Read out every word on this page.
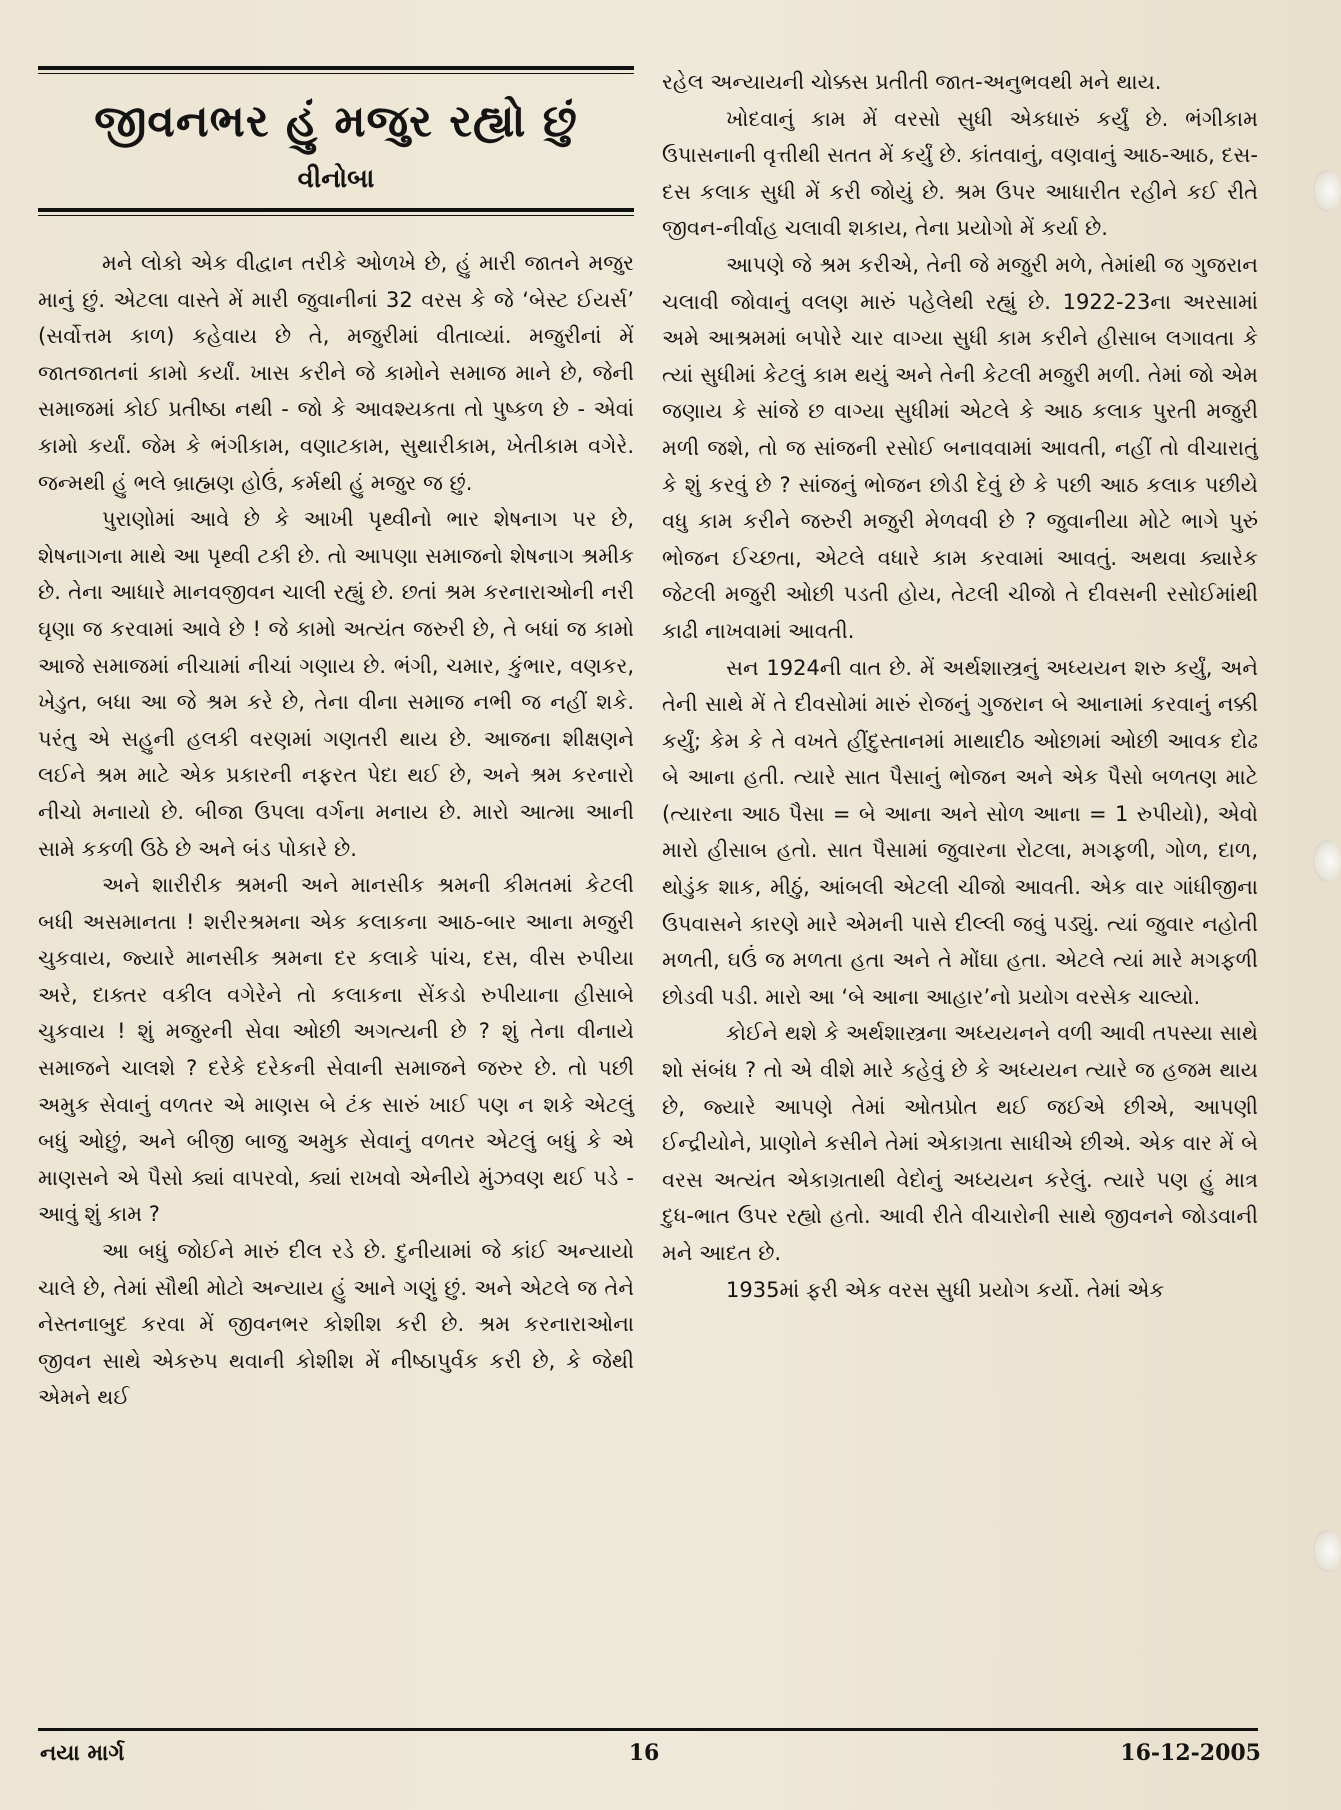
જીવનભર હું મજુર રહ્યો છું
વીનોબા

મને લોકો એક વીદ્વાન તરીકે ઓળખે છે, હું મારી જાતને મજુર માનું છું. એટલા વાસ્તે મેં મારી જુવાનીનાં 32 વરસ કે જે ‘બેસ્ટ ઈયર્સ’ (સર્વોત્તમ કાળ) કહેવાય છે તે, મજુરીમાં વીતાવ્યાં. મજુરીનાં મેં જાતજાતનાં કામો કર્યાં. ખાસ કરીને જે કામોને સમાજ માને છે, જેની સમાજમાં કોઈ પ્રતીષ્ઠા નથી - જો કે આવશ્યકતા તો પુષ્કળ છે - એવાં કામો કર્યાં. જેમ કે ભંગીકામ, વણાટકામ, સુથારીકામ, ખેતીકામ વગેરે. જન્મથી હું ભલે બ્રાહ્મણ હોઉં, કર્મથી હું મજુર જ છું.

પુરાણોમાં આવે છે કે આખી પૃથ્વીનો ભાર શેષનાગ પર છે, શેષનાગના માથે આ પૃથ્વી ટકી છે. તો આપણા સમાજનો શેષનાગ શ્રમીક છે. તેના આધારે માનવજીવન ચાલી રહ્યું છે. છતાં શ્રમ કરનારાઓની નરી ઘૃણા જ કરવામાં આવે છે ! જે કામો અત્યંત જરુરી છે, તે બધાં જ કામો આજે સમાજમાં નીચામાં નીચાં ગણાય છે. ભંગી, ચમાર, કુંભાર, વણકર, ખેડુત, બધા આ જે શ્રમ કરે છે, તેના વીના સમાજ નભી જ નહીં શકે. પરંતુ એ સહુની હલકી વરણમાં ગણતરી થાય છે. આજના શીક્ષણને લઈને શ્રમ માટે એક પ્રકારની નફરત પેદા થઈ છે, અને શ્રમ કરનારો નીચો મનાયો છે. બીજા ઉપલા વર્ગના મનાય છે. મારો આત્મા આની સામે કકળી ઉઠે છે અને બંડ પોકારે છે.

અને શારીરીક શ્રમની અને માનસીક શ્રમની કીમતમાં કેટલી બધી અસમાનતા ! શરીરશ્રમના એક કલાકના આઠ-બાર આના મજુરી ચુકવાય, જ્યારે માનસીક શ્રમના દર કલાકે પાંચ, દસ, વીસ રુપીયા અરે, દાક્તર વકીલ વગેરેને તો કલાકના સેંકડો રુપીયાના હીસાબે ચુકવાય ! શું મજુરની સેવા ઓછી અગત્યની છે ? શું તેના વીનાયે સમાજને ચાલશે ? દરેકે દરેકની સેવાની સમાજને જરુર છે. તો પછી અમુક સેવાનું વળતર એ માણસ બે ટંક સારું ખાઈ પણ ન શકે એટલું બધું ઓછું, અને બીજી બાજુ અમુક સેવાનું વળતર એટલું બધું કે એ માણસને એ પૈસો ક્યાં વાપરવો, ક્યાં રાખવો એનીયે મુંઝવણ થઈ પડે - આવું શું કામ ?

આ બધું જોઈને મારું દીલ રડે છે. દુનીયામાં જે કાંઈ અન્યાયો ચાલે છે, તેમાં સૌથી મોટો અન્યાય હું આને ગણું છું. અને એટલે જ તેને નેસ્તનાબુદ કરવા મેં જીવનભર કોશીશ કરી છે. શ્રમ કરનારાઓના જીવન સાથે એકરુપ થવાની કોશીશ મેં નીષ્ઠાપુર્વક કરી છે, કે જેથી એમને થઈ

રહેલ અન્યાયની ચોક્કસ પ્રતીતી જાત-અનુભવથી મને થાય.

ખોદવાનું કામ મેં વરસો સુધી એકધારું કર્યું છે. ભંગીકામ ઉપાસનાની વૃત્તીથી સતત મેં કર્યું છે. કાંતવાનું, વણવાનું આઠ-આઠ, દસ-દસ કલાક સુધી મેં કરી જોયું છે. શ્રમ ઉપર આધારીત રહીને કઈ રીતે જીવન-નીર્વાહ ચલાવી શકાય, તેના પ્રયોગો મેં કર્યા છે.

આપણે જે શ્રમ કરીએ, તેની જે મજુરી મળે, તેમાંથી જ ગુજરાન ચલાવી જોવાનું વલણ મારું પહેલેથી રહ્યું છે. 1922-23ના અરસામાં અમે આશ્રમમાં બપોરે ચાર વાગ્યા સુધી કામ કરીને હીસાબ લગાવતા કે ત્યાં સુધીમાં કેટલું કામ થયું અને તેની કેટલી મજુરી મળી. તેમાં જો એમ જણાય કે સાંજે છ વાગ્યા સુધીમાં એટલે કે આઠ કલાક પુરતી મજુરી મળી જશે, તો જ સાંજની રસોઈ બનાવવામાં આવતી, નહીં તો વીચારાતું કે શું કરવું છે ? સાંજનું ભોજન છોડી દેવું છે કે પછી આઠ કલાક પછીયે વધુ કામ કરીને જરુરી મજુરી મેળવવી છે ? જુવાનીયા મોટે ભાગે પુરું ભોજન ઈચ્છતા, એટલે વધારે કામ કરવામાં આવતું. અથવા ક્યારેક જેટલી મજુરી ઓછી પડતી હોય, તેટલી ચીજો તે દીવસની રસોઈમાંથી કાઢી નાખવામાં આવતી.

સન 1924ની વાત છે. મેં અર્થશાસ્ત્રનું અધ્યયન શરુ કર્યું, અને તેની સાથે મેં તે દીવસોમાં મારું રોજનું ગુજરાન બે આનામાં કરવાનું નક્કી કર્યું; કેમ કે તે વખતે હીંદુસ્તાનમાં માથાદીઠ ઓછામાં ઓછી આવક દોઢ બે આના હતી. ત્યારે સાત પૈસાનું ભોજન અને એક પૈસો બળતણ માટે (ત્યારના આઠ પૈસા = બે આના અને સોળ આના = 1 રુપીયો), એવો મારો હીસાબ હતો. સાત પૈસામાં જુવારના રોટલા, મગફળી, ગોળ, દાળ, થોડુંક શાક, મીઠું, આંબલી એટલી ચીજો આવતી. એક વાર ગાંધીજીના ઉપવાસને કારણે મારે એમની પાસે દીલ્લી જવું પડ્યું. ત્યાં જુવાર નહોતી મળતી, ઘઉં જ મળતા હતા અને તે મોંઘા હતા. એટલે ત્યાં મારે મગફળી છોડવી પડી. મારો આ ‘બે આના આહાર’નો પ્રયોગ વરસેક ચાલ્યો.

કોઈને થશે કે અર્થશાસ્ત્રના અધ્યયનને વળી આવી તપસ્યા સાથે શો સંબંધ ? તો એ વીશે મારે કહેવું છે કે અધ્યયન ત્યારે જ હજમ થાય છે, જ્યારે આપણે તેમાં ઓતપ્રોત થઈ જઈએ છીએ, આપણી ઈન્દ્રીયોને, પ્રાણોને કસીને તેમાં એકાગ્રતા સાધીએ છીએ. એક વાર મેં બે વરસ અત્યંત એકાગ્રતાથી વેદોનું અધ્યયન કરેલું. ત્યારે પણ હું માત્ર દુધ-ભાત ઉપર રહ્યો હતો. આવી રીતે વીચારોની સાથે જીવનને જોડવાની મને આદત છે.

1935માં ફરી એક વરસ સુધી પ્રયોગ કર્યો. તેમાં એક

નયા માર્ગ	16	16-12-2005
